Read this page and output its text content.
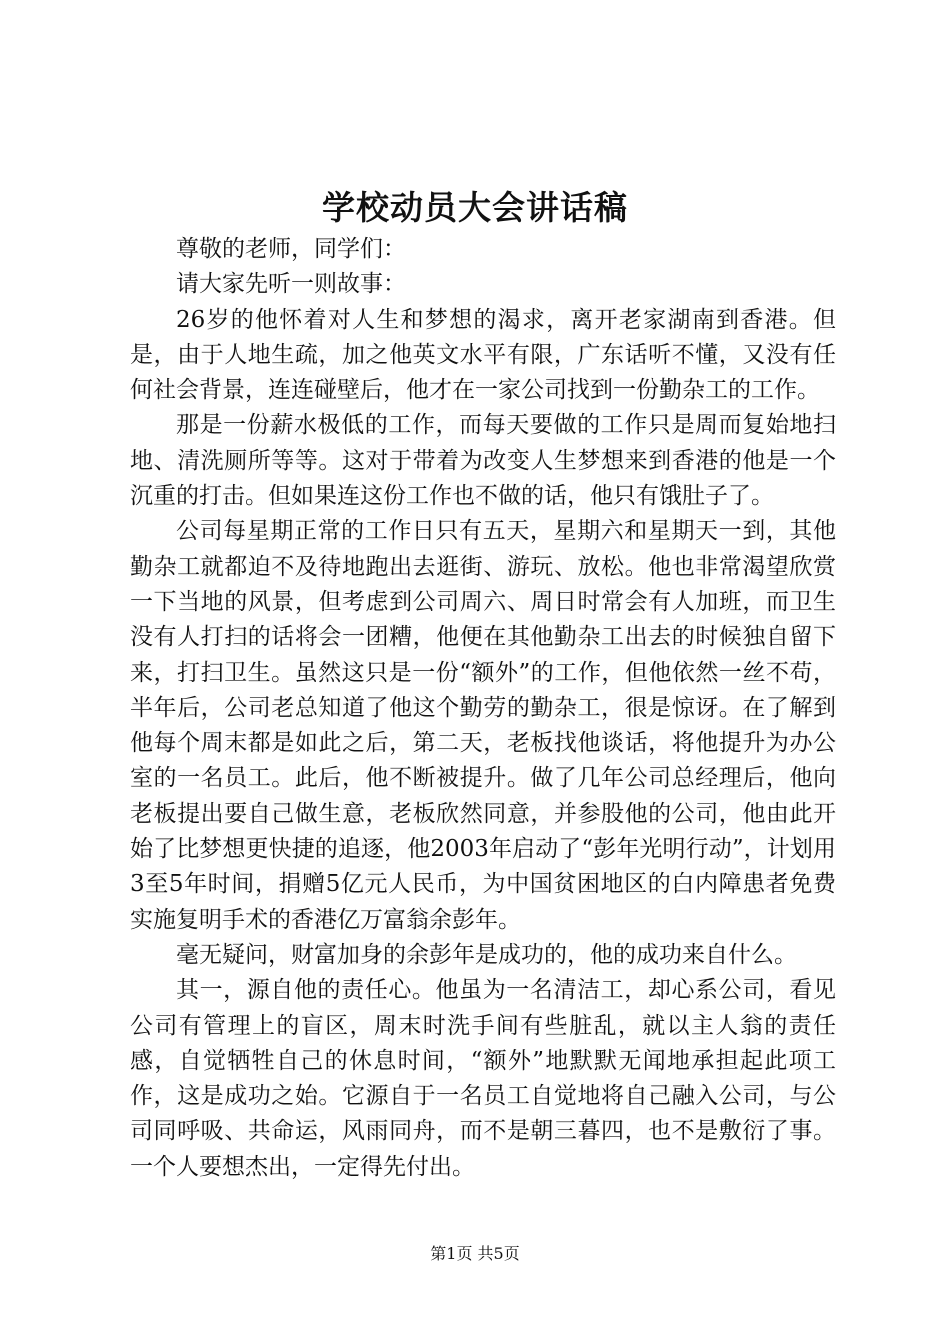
学校动员大会讲话稿

尊敬的老师，同学们：

请大家先听一则故事：

26岁的他怀着对人生和梦想的渴求，离开老家湖南到香港。但是，由于人地生疏，加之他英文水平有限，广东话听不懂，又没有任何社会背景，连连碰壁后，他才在一家公司找到一份勤杂工的工作。

那是一份薪水极低的工作，而每天要做的工作只是周而复始地扫地、清洗厕所等等。这对于带着为改变人生梦想来到香港的他是一个沉重的打击。但如果连这份工作也不做的话，他只有饿肚子了。

公司每星期正常的工作日只有五天，星期六和星期天一到，其他勤杂工就都迫不及待地跑出去逛街、游玩、放松。他也非常渴望欣赏一下当地的风景，但考虑到公司周六、周日时常会有人加班，而卫生没有人打扫的话将会一团糟，他便在其他勤杂工出去的时候独自留下来，打扫卫生。虽然这只是一份“额外”的工作，但他依然一丝不苟，半年后，公司老总知道了他这个勤劳的勤杂工，很是惊讶。在了解到他每个周末都是如此之后，第二天，老板找他谈话，将他提升为办公室的一名员工。此后，他不断被提升。做了几年公司总经理后，他向老板提出要自己做生意，老板欣然同意，并参股他的公司，他由此开始了比梦想更快捷的追逐，他2003年启动了“彭年光明行动”，计划用3至5年时间，捐赠5亿元人民币，为中国贫困地区的白内障患者免费实施复明手术的香港亿万富翁余彭年。

毫无疑问，财富加身的余彭年是成功的，他的成功来自什么。

其一，源自他的责任心。他虽为一名清洁工，却心系公司，看见公司有管理上的盲区，周末时洗手间有些脏乱，就以主人翁的责任感，自觉牺牲自己的休息时间，“额外”地默默无闻地承担起此项工作，这是成功之始。它源自于一名员工自觉地将自己融入公司，与公司同呼吸、共命运，风雨同舟，而不是朝三暮四，也不是敷衍了事。一个人要想杰出，一定得先付出。

第1页 共5页
